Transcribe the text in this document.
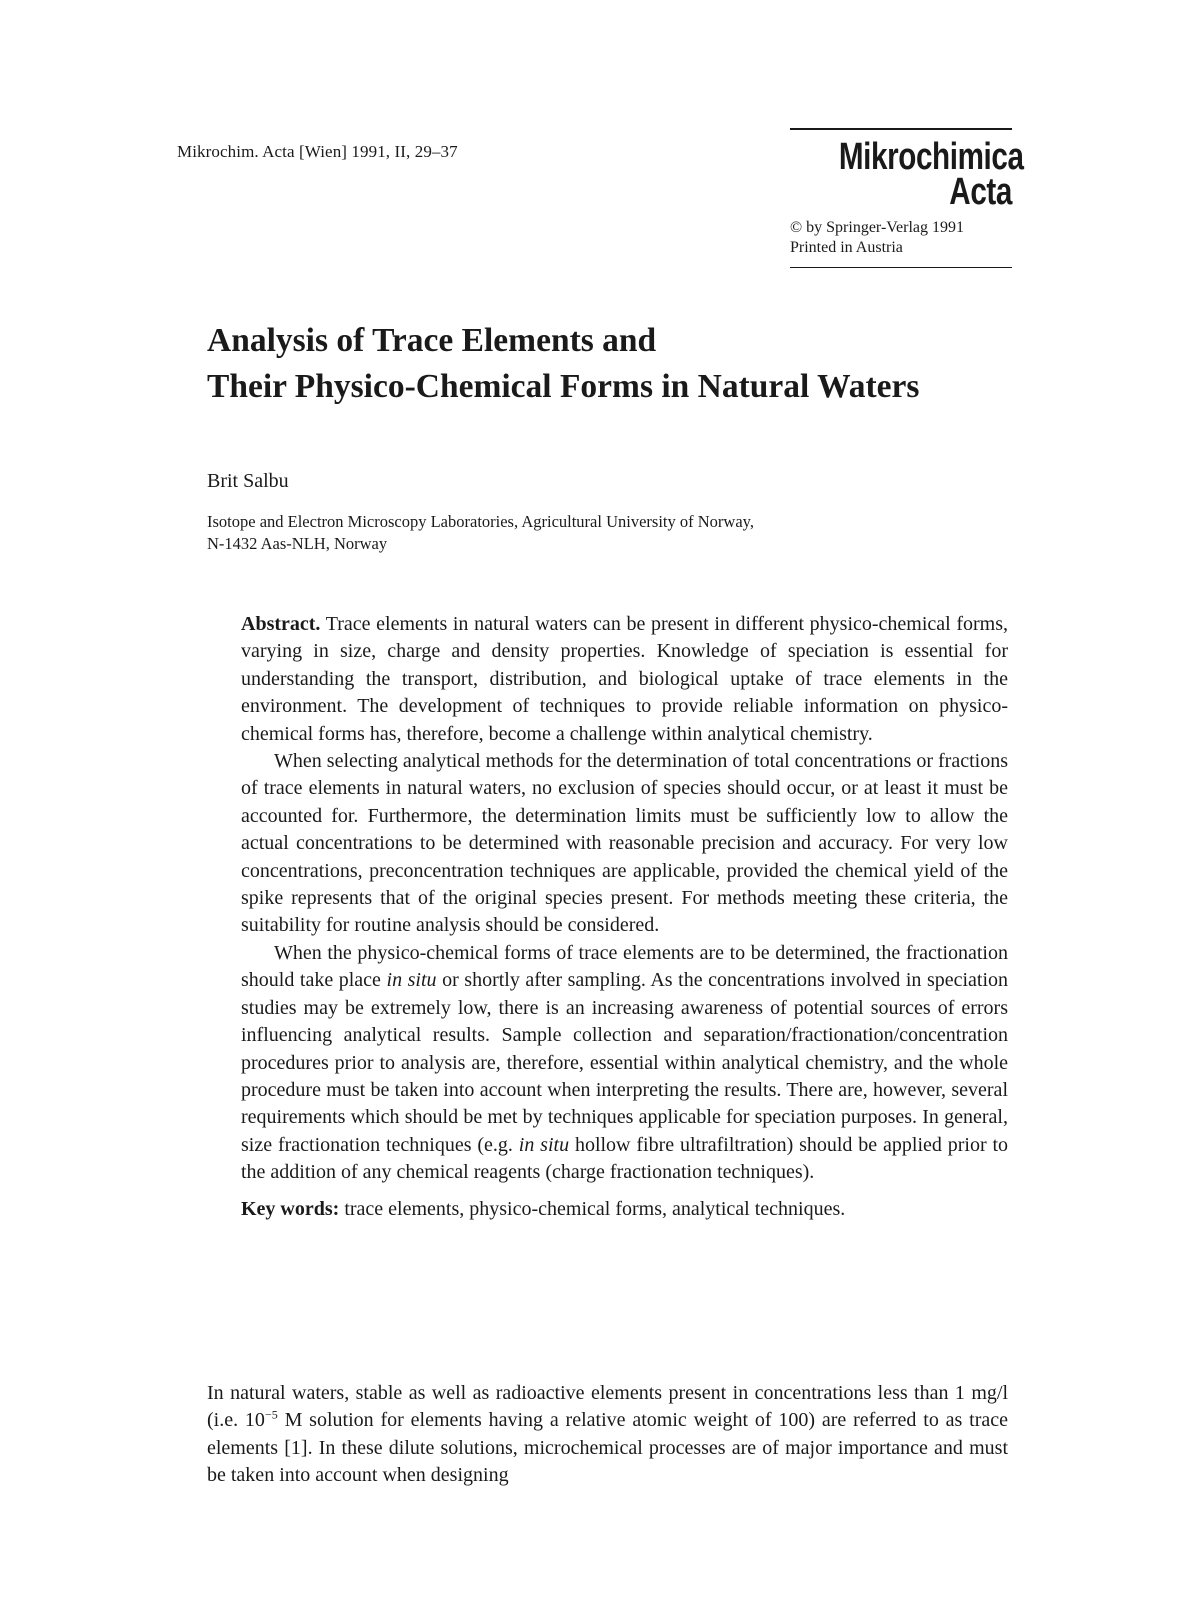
Mikrochim. Acta [Wien] 1991, II, 29–37	Mikrochimica
Acta
© by Springer-Verlag 1991
Printed in Austria
Analysis of Trace Elements and
Their Physico-Chemical Forms in Natural Waters
Brit Salbu
Isotope and Electron Microscopy Laboratories, Agricultural University of Norway,
N-1432 Aas-NLH, Norway

Abstract. Trace elements in natural waters can be present in different physico-chemical forms, varying in size, charge and density properties. Knowledge of speciation is essential for understanding the transport, distribution, and biological uptake of trace elements in the environment. The development of techniques to provide reliable information on physico-chemical forms has, therefore, become a challenge within analytical chemistry.

When selecting analytical methods for the determination of total concentrations or fractions of trace elements in natural waters, no exclusion of species should occur, or at least it must be accounted for. Furthermore, the determination limits must be sufficiently low to allow the actual concentrations to be determined with reasonable precision and accuracy. For very low concentrations, preconcentration techniques are applicable, provided the chemical yield of the spike represents that of the original species present. For methods meeting these criteria, the suitability for routine analysis should be considered.

When the physico-chemical forms of trace elements are to be determined, the fractionation should take place in situ or shortly after sampling. As the concentrations involved in speciation studies may be extremely low, there is an increasing awareness of potential sources of errors influencing analytical results. Sample collection and separation/fractionation/concentration procedures prior to analysis are, therefore, essential within analytical chemistry, and the whole procedure must be taken into account when interpreting the results. There are, however, several requirements which should be met by techniques applicable for speciation purposes. In general, size fractionation techniques (e.g. in situ hollow fibre ultrafiltration) should be applied prior to the addition of any chemical reagents (charge fractionation techniques).

Key words: trace elements, physico-chemical forms, analytical techniques.

In natural waters, stable as well as radioactive elements present in concentrations less than 1 mg/l (i.e. $10^{-5}$ M solution for elements having a relative atomic weight of 100) are referred to as trace elements [1]. In these dilute solutions, microchemical processes are of major importance and must be taken into account when designing
